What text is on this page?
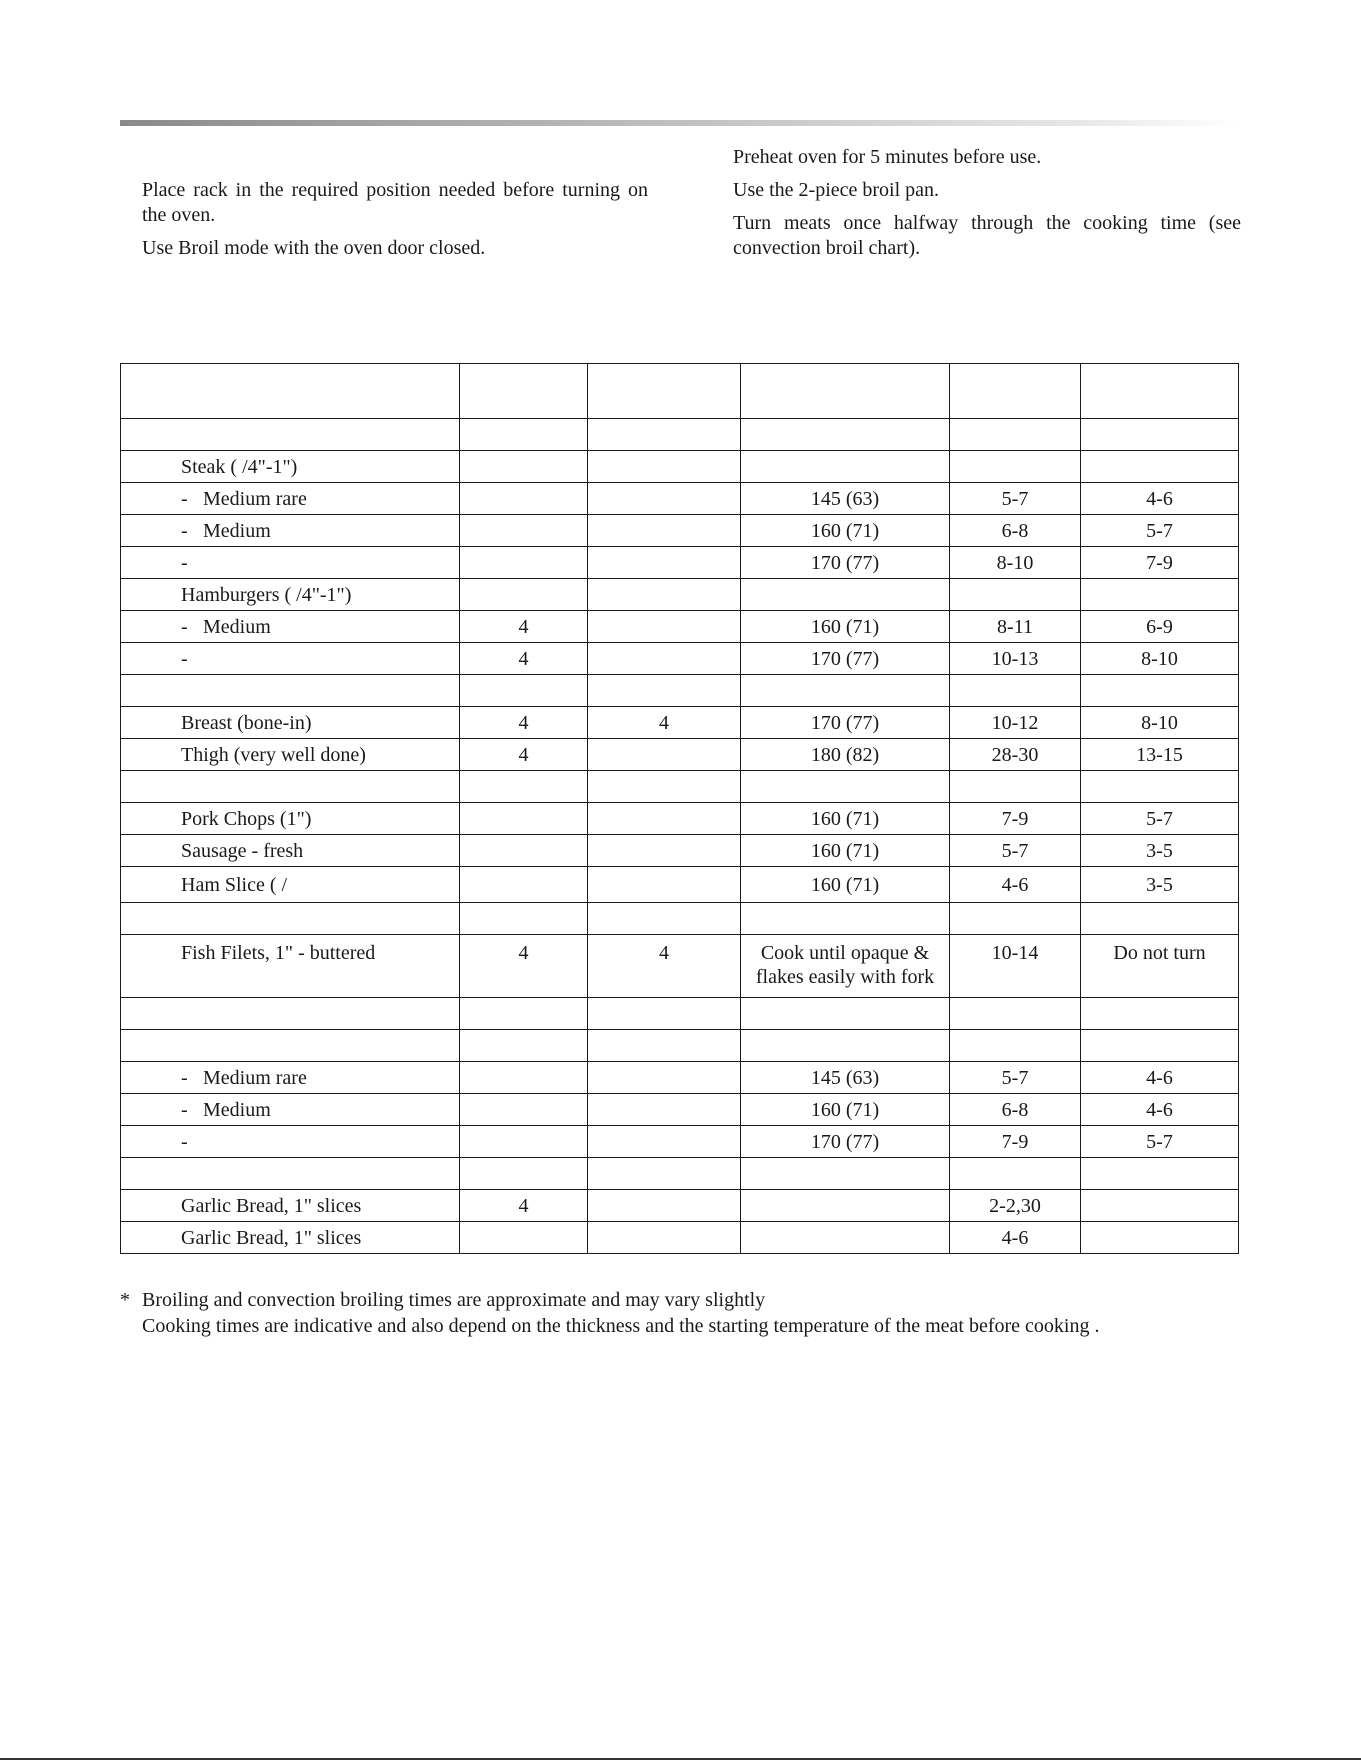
Place rack in the required position needed before turning on the oven.

Use Broil mode with the oven door closed.

Preheat oven for 5 minutes before use.

Use the 2-piece broil pan.

Turn meats once halfway through the cooking time (see convection broil chart).

Steak ( /4"-1")					
- Medium rare			145 (63)	5-7	4-6
- Medium			160 (71)	6-8	5-7
-			170 (77)	8-10	7-9
Hamburgers ( /4"-1")					
- Medium	4		160 (71)	8-11	6-9
-	4		170 (77)	10-13	8-10

Breast (bone-in)	4	4	170 (77)	10-12	8-10
Thigh (very well done)	4		180 (82)	28-30	13-15

Pork Chops (1")			160 (71)	7-9	5-7
Sausage - fresh			160 (71)	5-7	3-5
Ham Slice ( /			160 (71)	4-6	3-5

Fish Filets, 1" - buttered	4	4	Cook until opaque & flakes easily with fork	10-14	Do not turn

- Medium rare			145 (63)	5-7	4-6
- Medium			160 (71)	6-8	4-6
-			170 (77)	7-9	5-7

Garlic Bread, 1" slices	4			2-2,30	
Garlic Bread, 1" slices				4-6	
* Broiling and convection broiling times are approximate and may vary slightly
Cooking times are indicative and also depend on the thickness and the starting temperature of the meat before cooking .
